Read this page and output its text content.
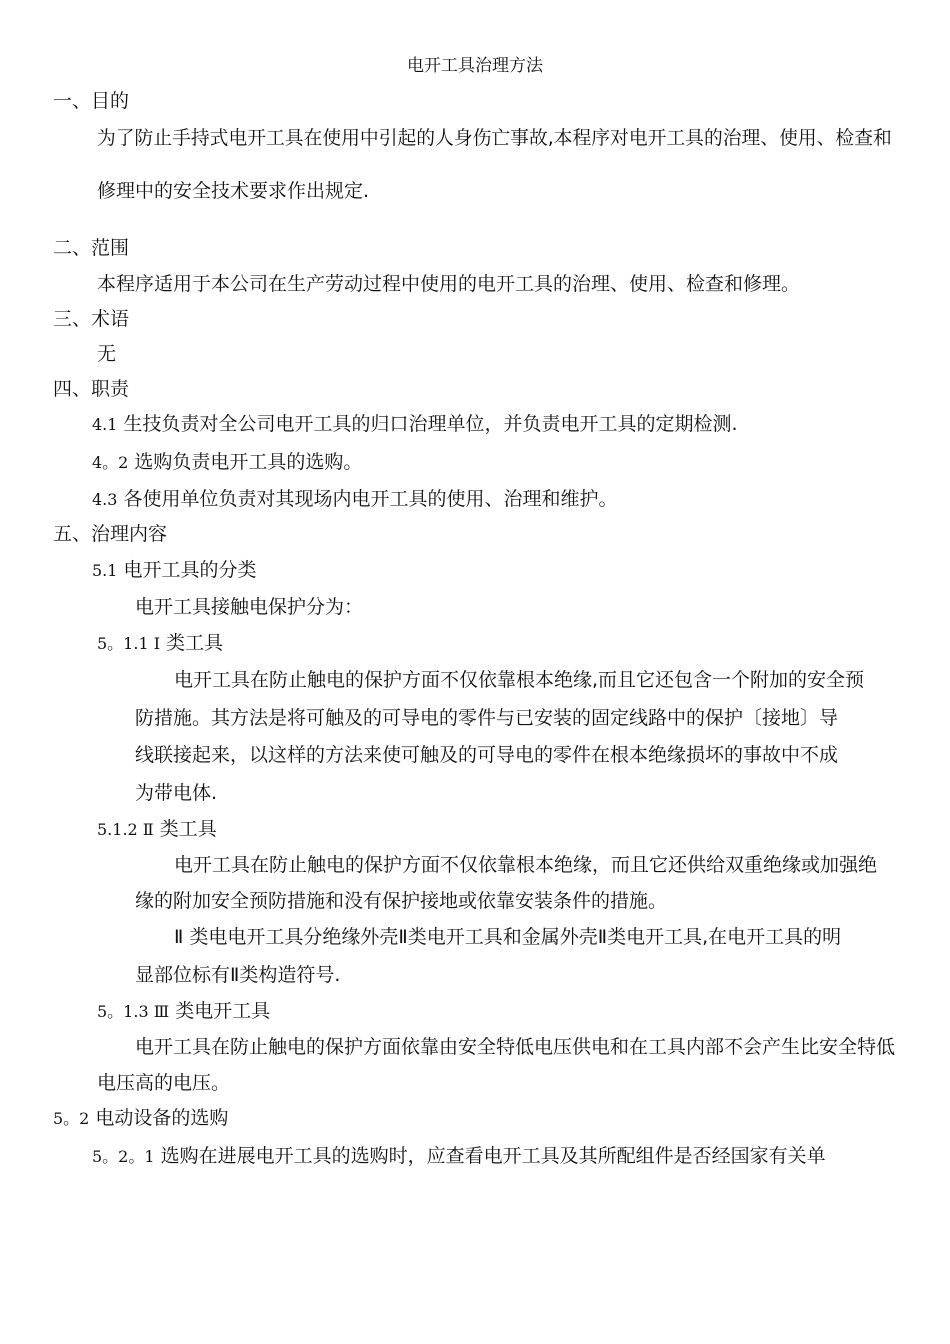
电开工具治理方法
一、目的
为了防止手持式电开工具在使用中引起的人身伤亡事故,本程序对电开工具的治理、使用、检查和
修理中的安全技术要求作出规定.
二、范围
本程序适用于本公司在生产劳动过程中使用的电开工具的治理、使用、检查和修理。
三、术语
无
四、职责
4.1 生技负责对全公司电开工具的归口治理单位，并负责电开工具的定期检测.
4。2 选购负责电开工具的选购。
4.3 各使用单位负责对其现场内电开工具的使用、治理和维护。
五、治理内容
5.1 电开工具的分类
电开工具接触电保护分为：
5。1.1 Ⅰ 类工具
电开工具在防止触电的保护方面不仅依靠根本绝缘,而且它还包含一个附加的安全预
防措施。其方法是将可触及的可导电的零件与已安装的固定线路中的保护〔接地〕导
线联接起来，以这样的方法来使可触及的可导电的零件在根本绝缘损坏的事故中不成
为带电体.
5.1.2 Ⅱ 类工具
电开工具在防止触电的保护方面不仅依靠根本绝缘，而且它还供给双重绝缘或加强绝
缘的附加安全预防措施和没有保护接地或依靠安装条件的措施。
Ⅱ 类电电开工具分绝缘外壳Ⅱ类电开工具和金属外壳Ⅱ类电开工具,在电开工具的明
显部位标有Ⅱ类构造符号.
5。1.3 Ⅲ 类电开工具
电开工具在防止触电的保护方面依靠由安全特低电压供电和在工具内部不会产生比安全特低
电压高的电压。
5。2 电动设备的选购
5。2。1 选购在进展电开工具的选购时，应查看电开工具及其所配组件是否经国家有关单
